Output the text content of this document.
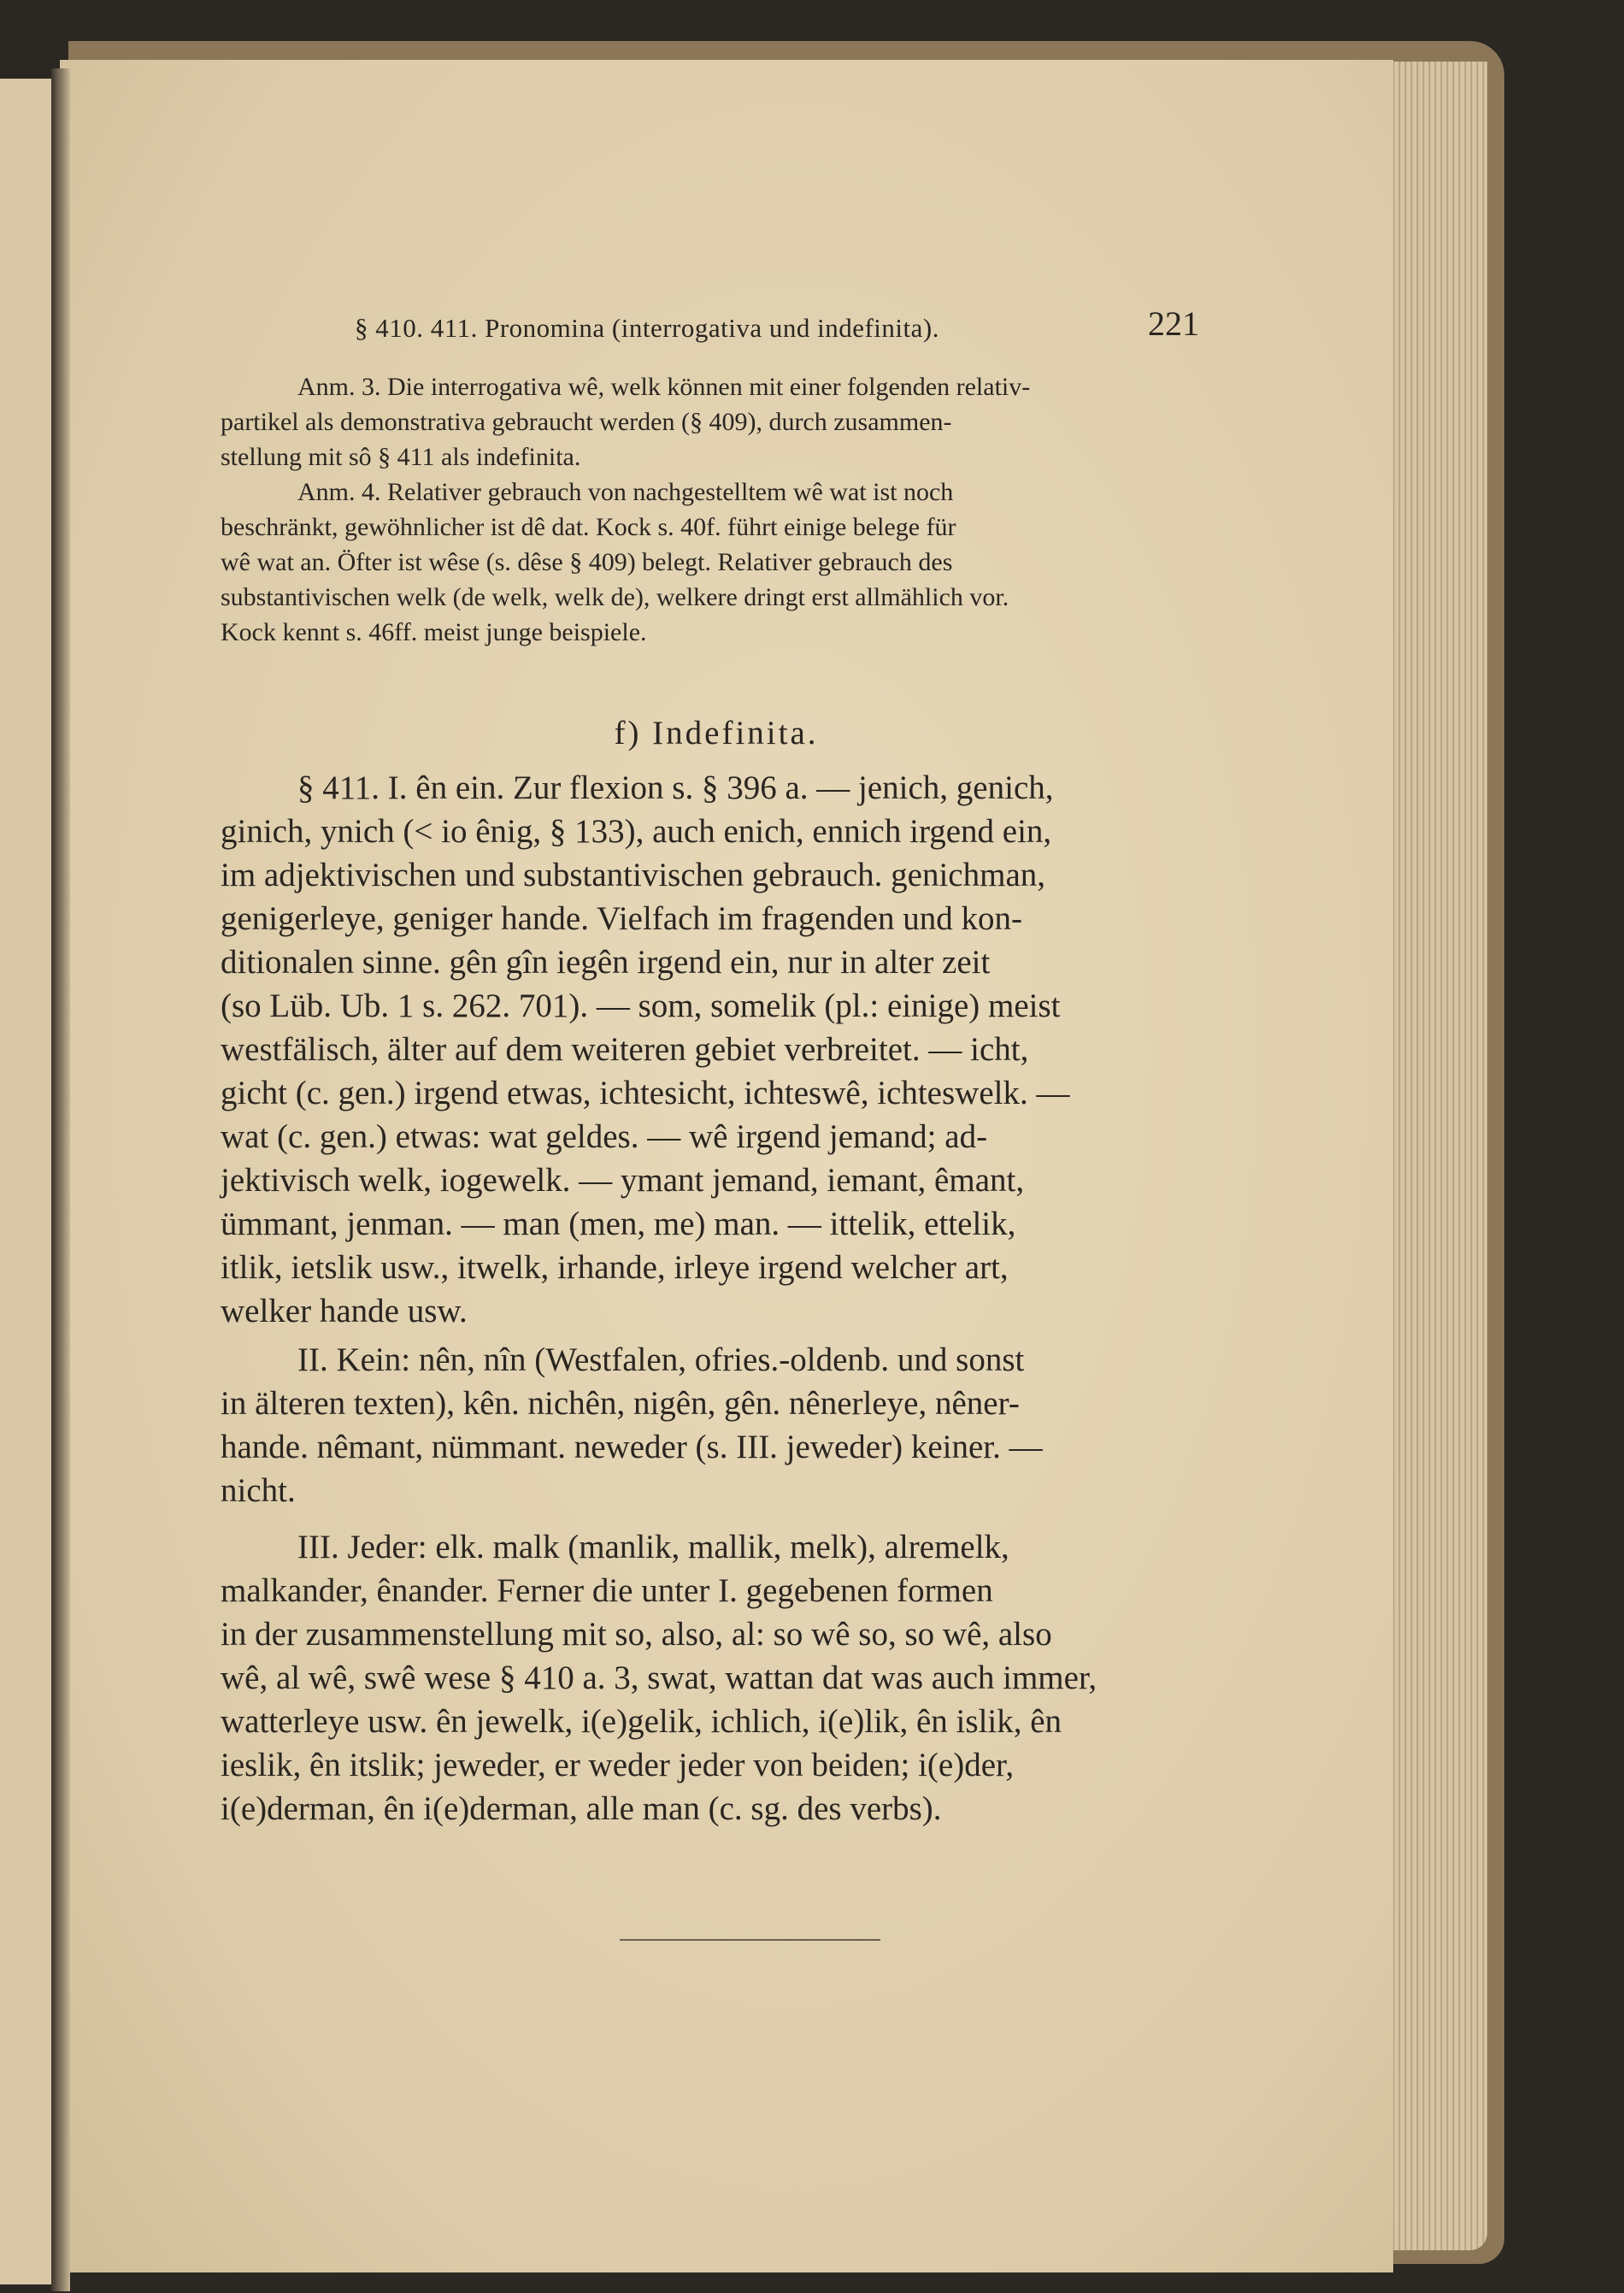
§ 410. 411. Pronomina (interrogativa und indefinita).	221
Anm. 3. Die interrogativa wê, welk können mit einer folgenden relativ-
partikel als demonstrativa gebraucht werden (§ 409), durch zusammen-
stellung mit sô § 411 als indefinita.
Anm. 4. Relativer gebrauch von nachgestelltem wê wat ist noch
beschränkt, gewöhnlicher ist dê dat. Kock s. 40f. führt einige belege für
wê wat an. Öfter ist wêse (s. dêse § 409) belegt. Relativer gebrauch des
substantivischen welk (de welk, welk de), welkere dringt erst allmählich vor.
Kock kennt s. 46ff. meist junge beispiele.
f) Indefinita.
§ 411. I. ên ein. Zur flexion s. § 396 a. — jenich, genich,
ginich, ynich (< io ênig, § 133), auch enich, ennich irgend ein,
im adjektivischen und substantivischen gebrauch. genichman,
genigerleye, geniger hande. Vielfach im fragenden und kon-
ditionalen sinne. gên gîn iegên irgend ein, nur in alter zeit
(so Lüb. Ub. 1 s. 262. 701). — som, somelik (pl.: einige) meist
westfälisch, älter auf dem weiteren gebiet verbreitet. — icht,
gicht (c. gen.) irgend etwas, ichtesicht, ichteswê, ichteswelk. —
wat (c. gen.) etwas: wat geldes. — wê irgend jemand; ad-
jektivisch welk, iogewelk. — ymant jemand, iemant, êmant,
ümmant, jenman. — man (men, me) man. — ittelik, ettelik,
itlik, ietslik usw., itwelk, irhande, irleye irgend welcher art,
welker hande usw.
II. Kein: nên, nîn (Westfalen, ofries.-oldenb. und sonst
in älteren texten), kên. nichên, nigên, gên. nênerleye, nêner-
hande. nêmant, nümmant. neweder (s. III. jeweder) keiner. —
nicht.
III. Jeder: elk. malk (manlik, mallik, melk), alremelk,
malkander, ênander. Ferner die unter I. gegebenen formen
in der zusammenstellung mit so, also, al: so wê so, so wê, also
wê, al wê, swê wese § 410 a. 3, swat, wattan dat was auch immer,
watterleye usw. ên jewelk, i(e)gelik, ichlich, i(e)lik, ên islik, ên
ieslik, ên itslik; jeweder, er weder jeder von beiden; i(e)der,
i(e)derman, ên i(e)derman, alle man (c. sg. des verbs).
